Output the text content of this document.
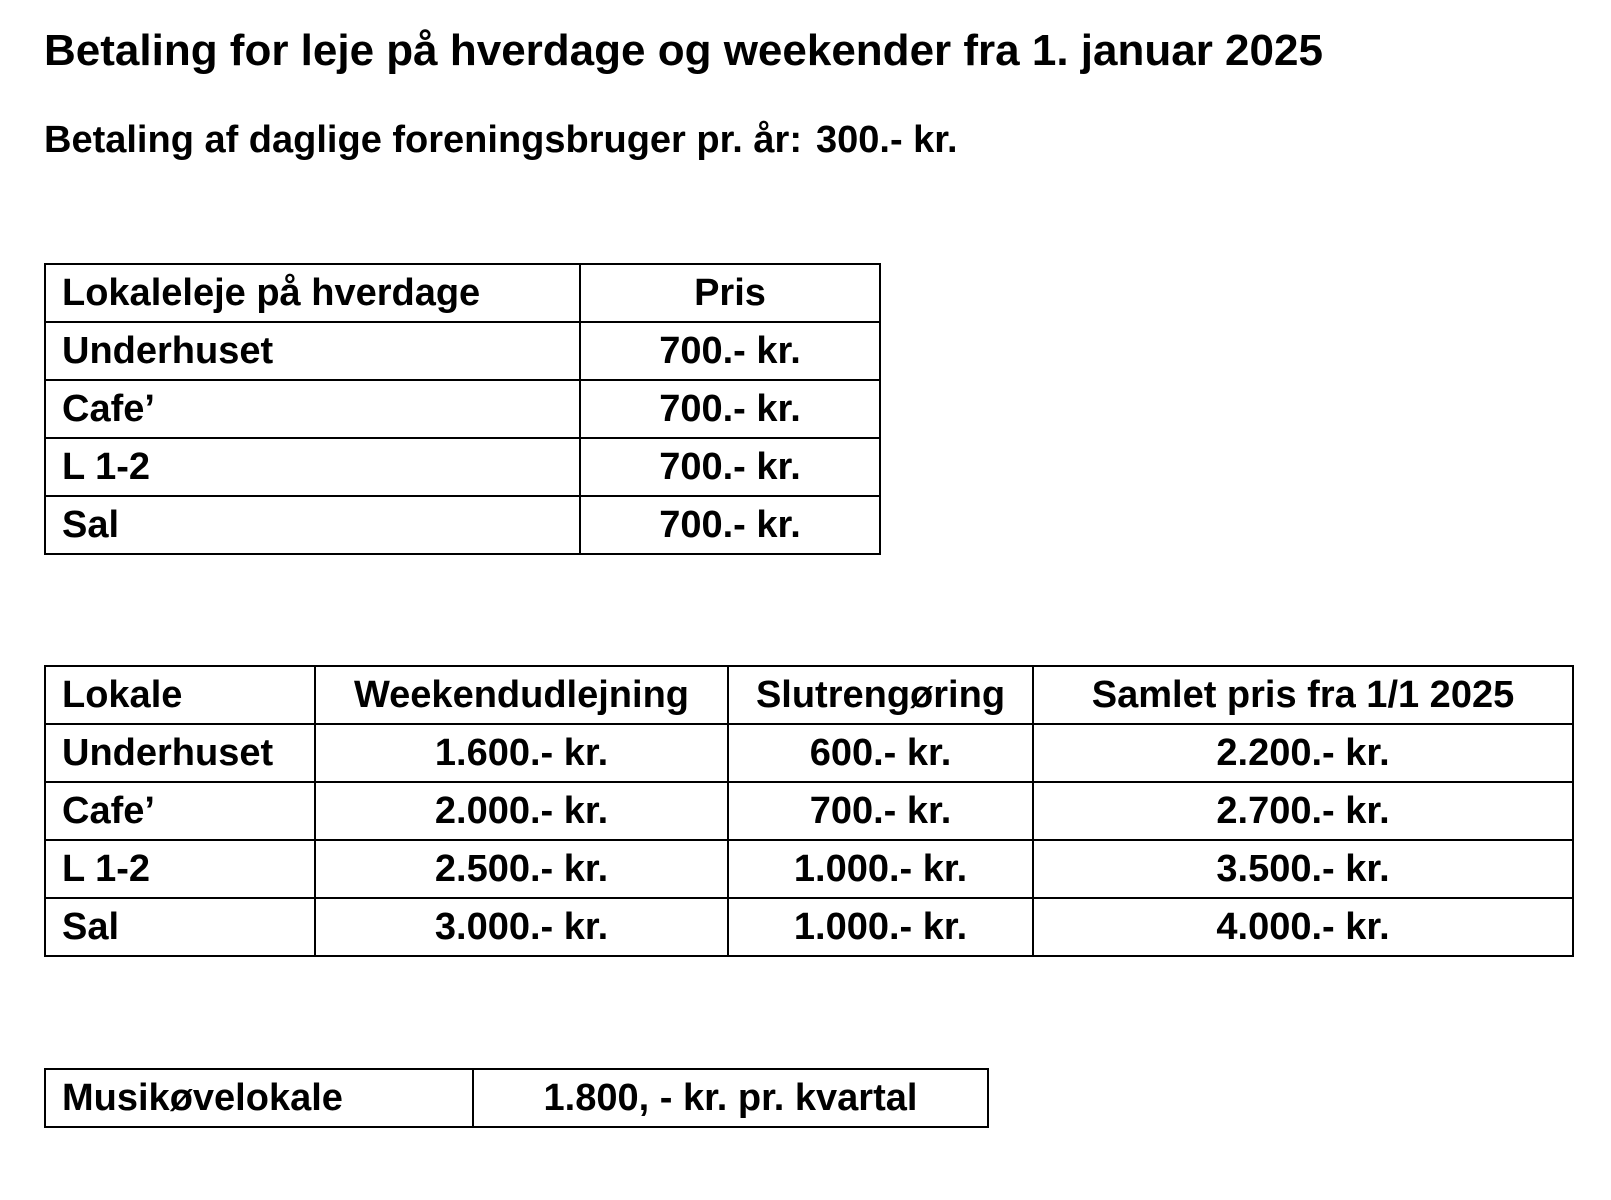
Betaling for leje på hverdage og weekender fra 1. januar 2025

Betaling af daglige foreningsbruger pr. år: 300.- kr.

Lokaleleje på hverdage	Pris
Underhuset	700.- kr.
Cafe’	700.- kr.
L 1-2	700.- kr.
Sal	700.- kr.
Lokale	Weekendudlejning	Slutrengøring	Samlet pris fra 1/1 2025
Underhuset	1.600.- kr.	600.- kr.	2.200.- kr.
Cafe’	2.000.- kr.	700.- kr.	2.700.- kr.
L 1-2	2.500.- kr.	1.000.- kr.	3.500.- kr.
Sal	3.000.- kr.	1.000.- kr.	4.000.- kr.
Musikøvelokale	1.800, - kr. pr. kvartal
